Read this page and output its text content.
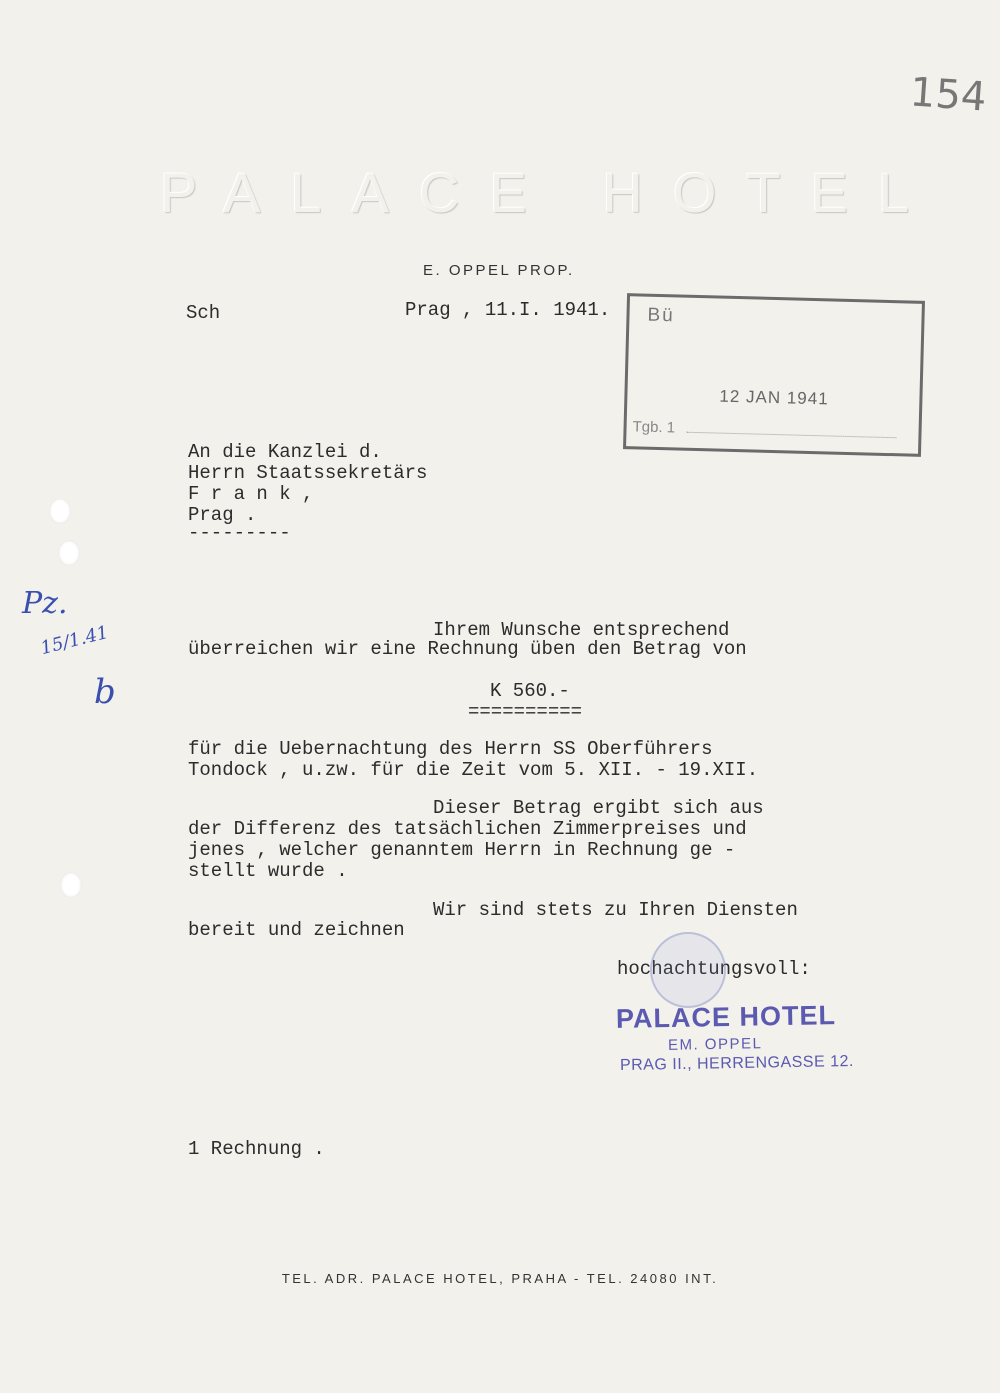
154
PALACE HOTEL
E. OPPEL PROP.
Sch	Prag , 11.I. 1941. Bü
12 JAN 1941
Tgb. 1
An die Kanzlei d.
Herrn Staatssekretärs
F r a n k ,
Prag .
---------
Pz.
15/1.41
b
Ihrem Wunsche entsprechend
überreichen wir eine Rechnung üben den Betrag von
K 560.-
==========
für die Uebernachtung des Herrn SS Oberführers
Tondock , u.zw. für die Zeit vom 5. XII. - 19.XII.
Dieser Betrag ergibt sich aus
der Differenz des tatsächlichen Zimmerpreises und
jenes , welcher genanntem Herrn in Rechnung ge -
stellt wurde .
Wir sind stets zu Ihren Diensten
bereit und zeichnen
hochachtungsvoll:
PALACE HOTEL
EM. OPPEL
PRAG II., HERRENGASSE 12.
1 Rechnung .
TEL. ADR. PALACE HOTEL, PRAHA - TEL. 24080 INT.
